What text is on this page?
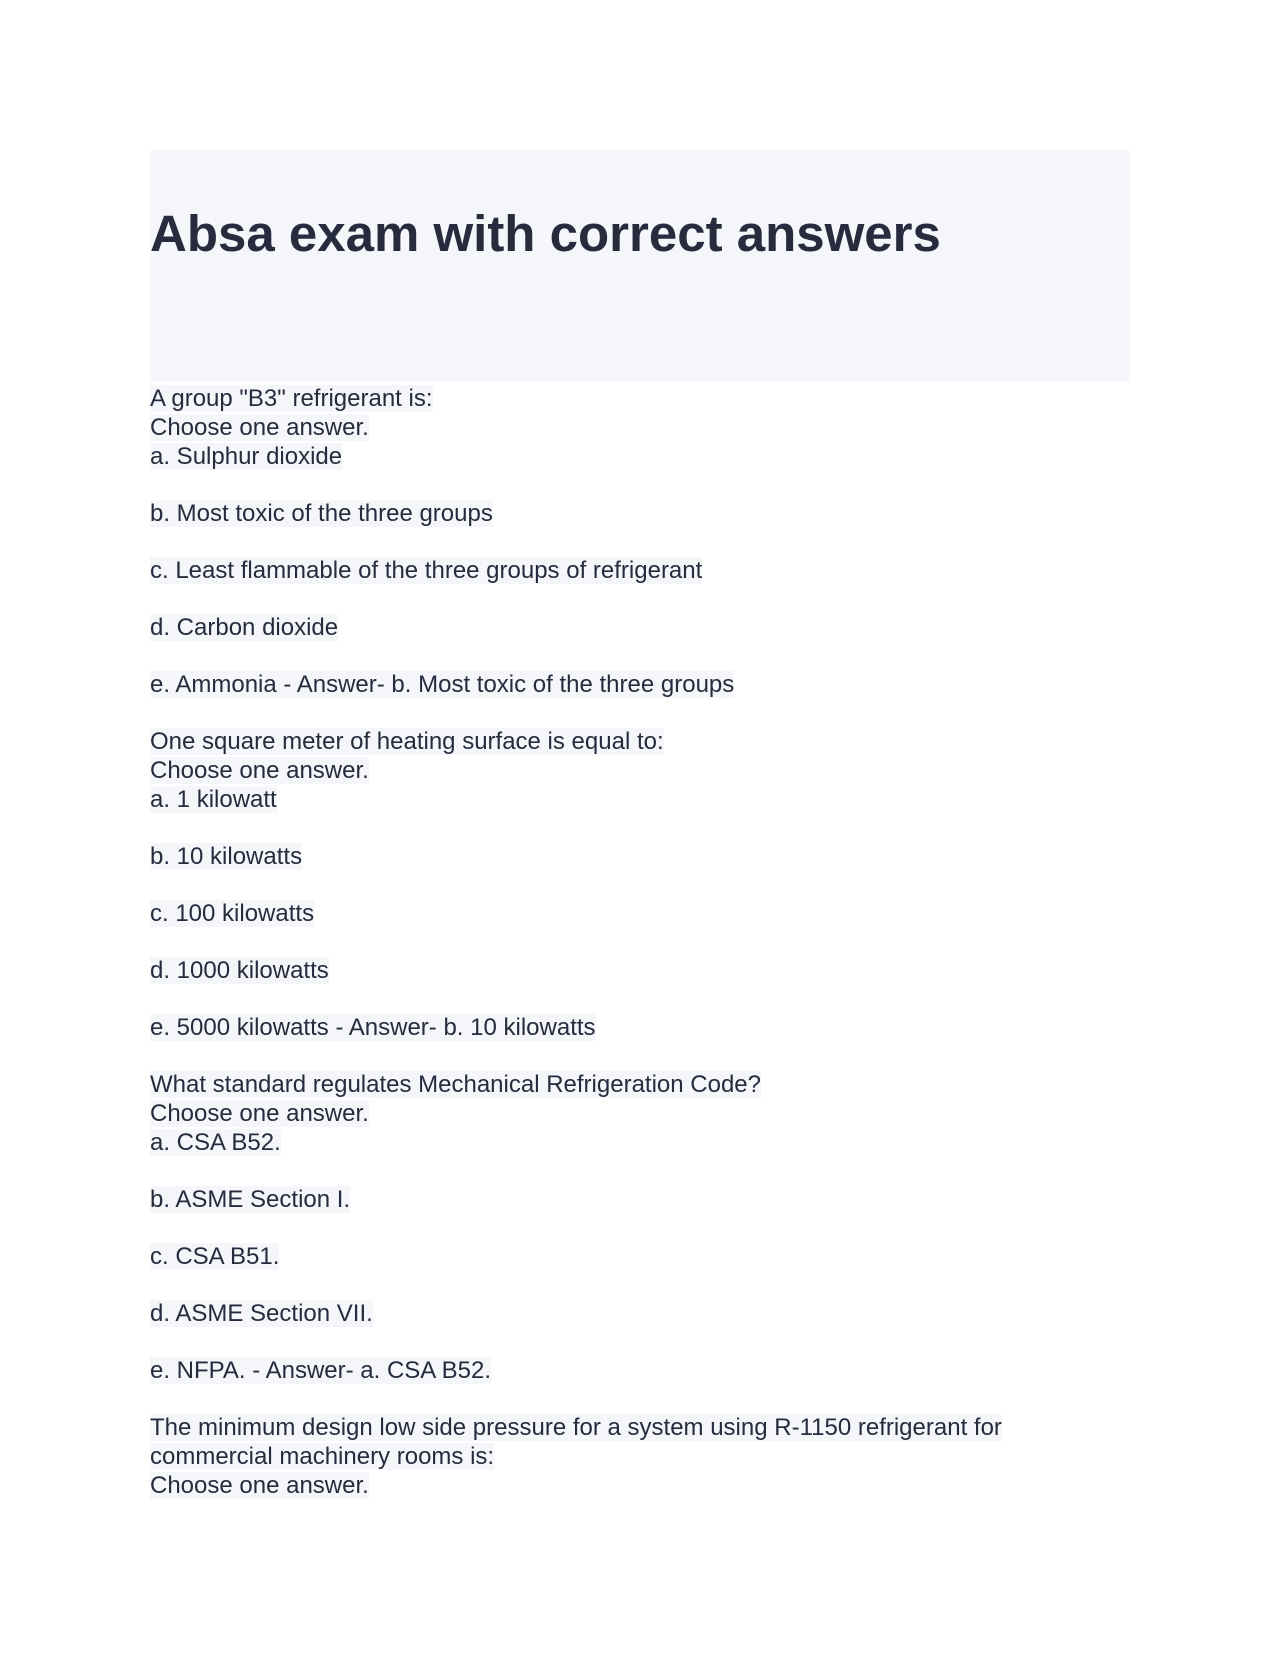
Absa exam with correct answers
A group "B3" refrigerant is:
Choose one answer.
a. Sulphur dioxide
b. Most toxic of the three groups
c. Least flammable of the three groups of refrigerant
d. Carbon dioxide
e. Ammonia - Answer- b. Most toxic of the three groups
One square meter of heating surface is equal to:
Choose one answer.
a. 1 kilowatt
b. 10 kilowatts
c. 100 kilowatts
d. 1000 kilowatts
e. 5000 kilowatts - Answer- b. 10 kilowatts
What standard regulates Mechanical Refrigeration Code?
Choose one answer.
a. CSA B52.
b. ASME Section I.
c. CSA B51.
d. ASME Section VII.
e. NFPA. - Answer- a. CSA B52.
The minimum design low side pressure for a system using R-1150 refrigerant for commercial machinery rooms is:
Choose one answer.
